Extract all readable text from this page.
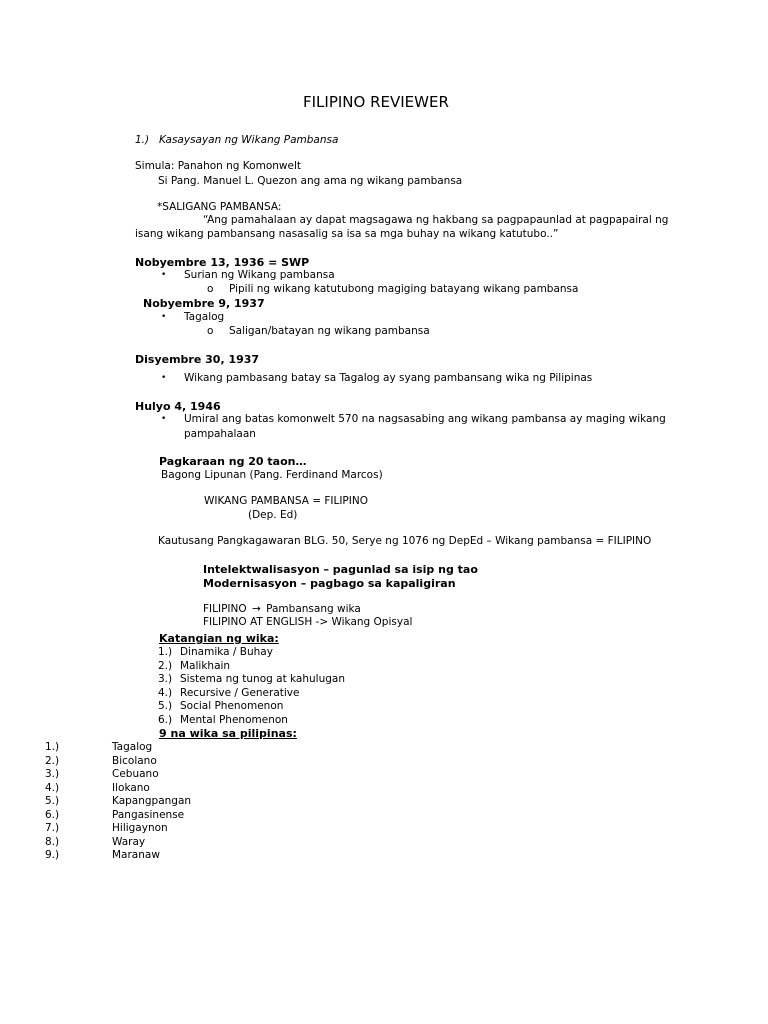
FILIPINO REVIEWER
1.) Kasaysayan ng Wikang Pambansa
Simula: Panahon ng Komonwelt
Si Pang. Manuel L. Quezon ang ama ng wikang pambansa
*SALIGANG PAMBANSA:
“Ang pamahalaan ay dapat magsagawa ng hakbang sa pagpapaunlad at pagpapairal ng
isang wikang pambansang nasasalig sa isa sa mga buhay na wikang katutubo..”
Nobyembre 13, 1936 = SWP
• Surian ng Wikang pambansa
o Pipili ng wikang katutubong magiging batayang wikang pambansa
Nobyembre 9, 1937
• Tagalog
o Saligan/batayan ng wikang pambansa
Disyembre 30, 1937
• Wikang pambasang batay sa Tagalog ay syang pambansang wika ng Pilipinas
Hulyo 4, 1946
• Umiral ang batas komonwelt 570 na nagsasabing ang wikang pambansa ay maging wikang
pampahalaan
Pagkaraan ng 20 taon…
Bagong Lipunan (Pang. Ferdinand Marcos)
WIKANG PAMBANSA = FILIPINO
(Dep. Ed)
Kautusang Pangkagawaran BLG. 50, Serye ng 1076 ng DepEd – Wikang pambansa = FILIPINO
Intelektwalisasyon – pagunlad sa isip ng tao
Modernisasyon – pagbago sa kapaligiran
FILIPINO → Pambansang wika
FILIPINO AT ENGLISH -> Wikang Opisyal
Katangian ng wika:
1.) Dinamika / Buhay
2.) Malikhain
3.) Sistema ng tunog at kahulugan
4.) Recursive / Generative
5.) Social Phenomenon
6.) Mental Phenomenon
9 na wika sa pilipinas:
1.)	Tagalog
2.)	Bicolano
3.)	Cebuano
4.)	Ilokano
5.)	Kapangpangan
6.)	Pangasinense
7.)	Hiligaynon
8.)	Waray
9.)	Maranaw
